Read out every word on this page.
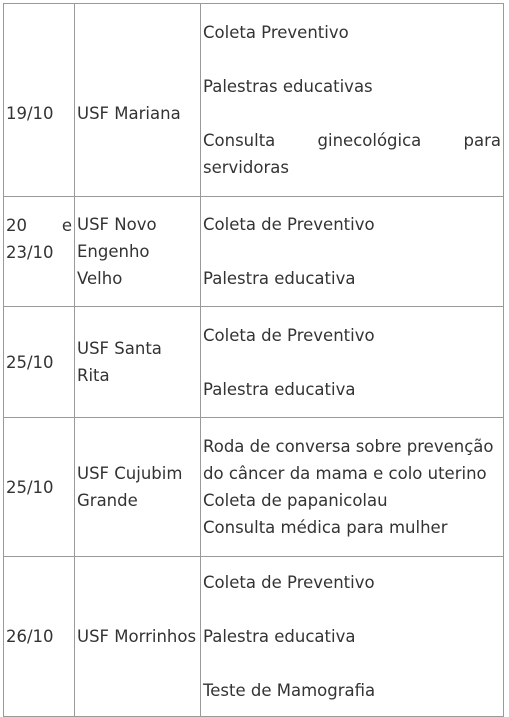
19/10	USF Mariana	Coleta Preventivo
Palestras educativas
Consulta ginecológica para servidoras

20 e 23/10	USF Novo Engenho Velho	Coleta de Preventivo
Palestra educativa

25/10	USF Santa Rita	Coleta de Preventivo
Palestra educativa

25/10	USF Cujubim Grande	Roda de conversa sobre prevenção do câncer da mama e colo uterino
Coleta de papanicolau
Consulta médica para mulher

26/10	USF Morrinhos	Coleta de Preventivo
Palestra educativa
Teste de Mamografia
